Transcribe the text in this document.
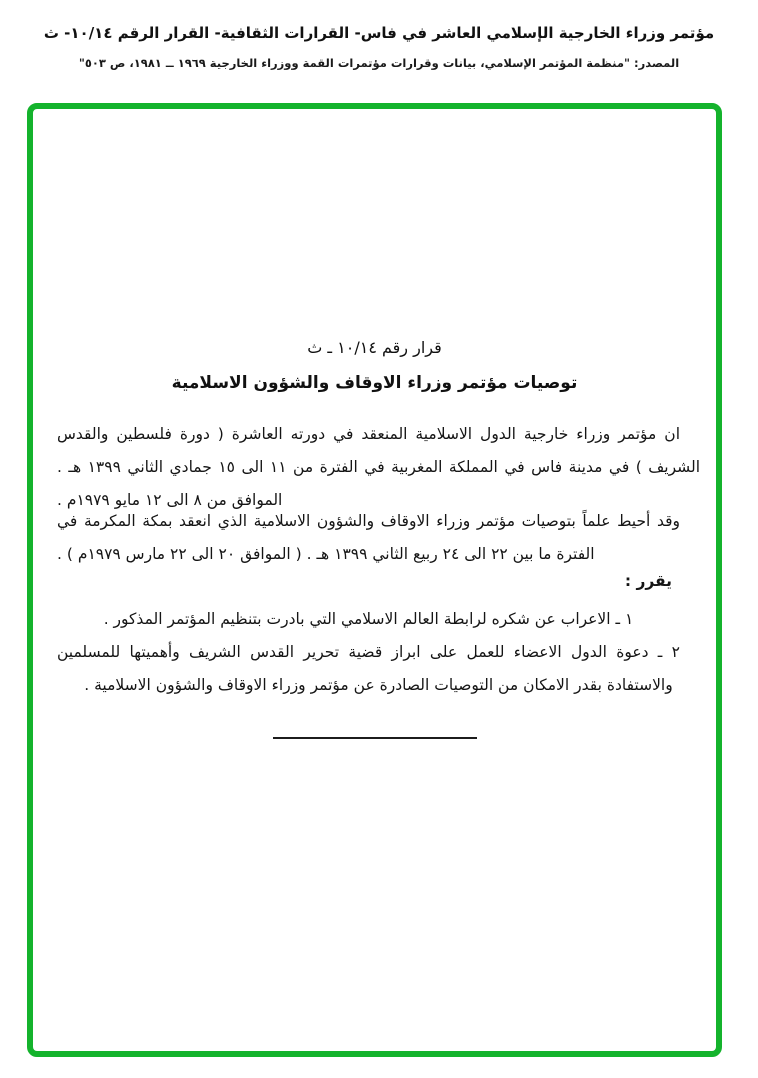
مؤتمر وزراء الخارجية الإسلامي العاشر في فاس- القرارات الثقافية- القرار الرقم ١٠/١٤- ث
المصدر: "منظمة المؤتمر الإسلامي، بيانات وقرارات مؤتمرات القمة ووزراء الخارجية ١٩٦٩ ــ ١٩٨١، ص ٥٠٣"
قرار رقم ١٠/١٤ ـ ث
توصيات مؤتمر وزراء الاوقاف والشؤون الاسلامية
ان مؤتمر وزراء خارجية الدول الاسلامية المنعقد في دورته العاشرة ( دورة فلسطين والقدس الشريف ) في مدينة فاس في المملكة المغربية في الفترة من ١١ الى ١٥ جمادي الثاني ١٣٩٩ هـ . الموافق من ٨ الى ١٢ مايو ١٩٧٩م .
وقد أحيط علماً بتوصيات مؤتمر وزراء الاوقاف والشؤون الاسلامية الذي انعقد بمكة المكرمة في الفترة ما بين ٢٢ الى ٢٤ ربيع الثاني ١٣٩٩ هـ . ( الموافق ٢٠ الى ٢٢ مارس ١٩٧٩م ) .
يقرر :
١ ـ الاعراب عن شكره لرابطة العالم الاسلامي التي بادرت بتنظيم المؤتمر المذكور .
٢ ـ دعوة الدول الاعضاء للعمل على ابراز قضية تحرير القدس الشريف وأهميتها للمسلمين والاستفادة بقدر الامكان من التوصيات الصادرة عن مؤتمر وزراء الاوقاف والشؤون الاسلامية .
